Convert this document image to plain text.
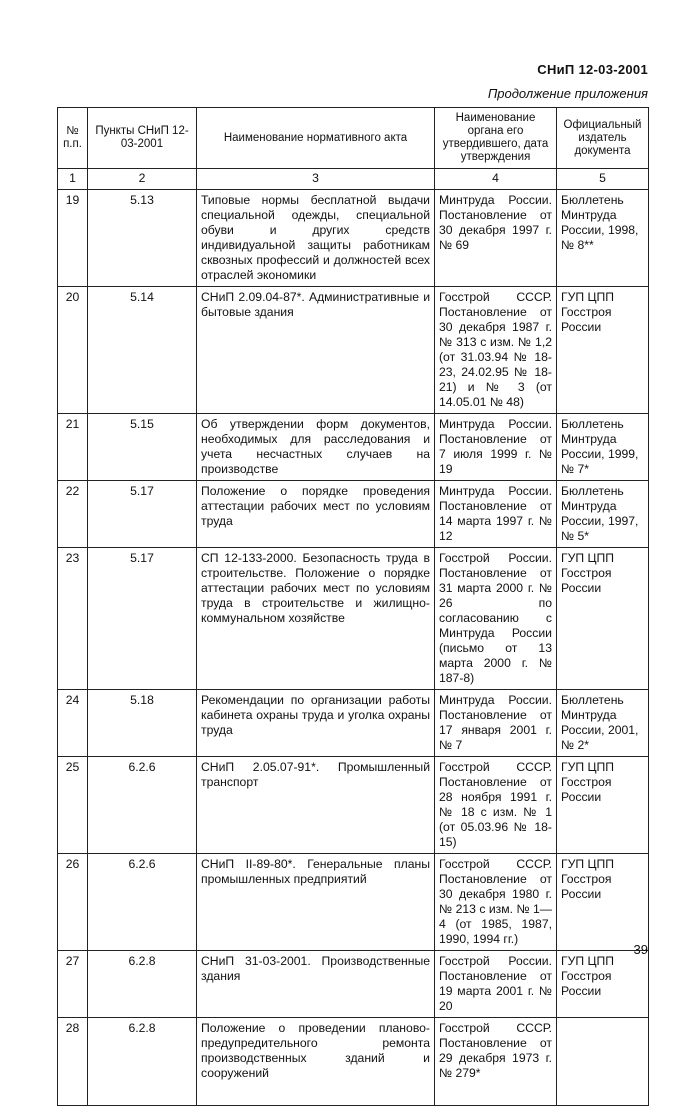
СНиП 12-03-2001
Продолжение приложения
№ п.п.	Пункты СНиП 12-03-2001	Наименование нормативного акта	Наименование органа его утвердившего, дата утверждения	Официальный издатель документа
1	2	3	4	5
19	5.13	Типовые нормы бесплатной выдачи специальной одежды, специальной обуви и других средств индивидуальной защиты работникам сквозных профессий и должностей всех отраслей экономики	Минтруда России. Постановление от 30 декабря 1997 г. № 69	Бюллетень Минтруда России, 1998, № 8**
20	5.14	СНиП 2.09.04-87*. Административные и бытовые здания	Госстрой СССР. Постановление от 30 декабря 1987 г. № 313 с изм. № 1,2 (от 31.03.94 № 18-23, 24.02.95 № 18-21) и № 3 (от 14.05.01 № 48)	ГУП ЦПП Госстроя России
21	5.15	Об утверждении форм документов, необходимых для расследования и учета несчастных случаев на производстве	Минтруда России. Постановление от 7 июля 1999 г. № 19	Бюллетень Минтруда России, 1999, № 7*
22	5.17	Положение о порядке проведения аттестации рабочих мест по условиям труда	Минтруда России. Постановление от 14 марта 1997 г. № 12	Бюллетень Минтруда России, 1997, № 5*
23	5.17	СП 12-133-2000. Безопасность труда в строительстве. Положение о порядке аттестации рабочих мест по условиям труда в строительстве и жилищно-коммунальном хозяйстве	Госстрой России. Постановление от 31 марта 2000 г. № 26 по согласованию с Минтруда России (письмо от 13 марта 2000 г. № 187-8)	ГУП ЦПП Госстроя России
24	5.18	Рекомендации по организации работы кабинета охраны труда и уголка охраны труда	Минтруда России. Постановление от 17 января 2001 г. № 7	Бюллетень Минтруда России, 2001, № 2*
25	6.2.6	СНиП 2.05.07-91*. Промышленный транспорт	Госстрой СССР. Постановление от 28 ноября 1991 г. № 18 с изм. № 1 (от 05.03.96 № 18-15)	ГУП ЦПП Госстроя России
26	6.2.6	СНиП II-89-80*. Генеральные планы промышленных предприятий	Госстрой СССР. Постановление от 30 декабря 1980 г. № 213 с изм. № 1—4 (от 1985, 1987, 1990, 1994 гг.)	ГУП ЦПП Госстроя России
27	6.2.8	СНиП 31-03-2001. Производственные здания	Госстрой России. Постановление от 19 марта 2001 г. № 20	ГУП ЦПП Госстроя России
28	6.2.8	Положение о проведении планово-предупредительного ремонта производственных зданий и сооружений	Госстрой СССР. Постановление от 29 декабря 1973 г. № 279*	
39
